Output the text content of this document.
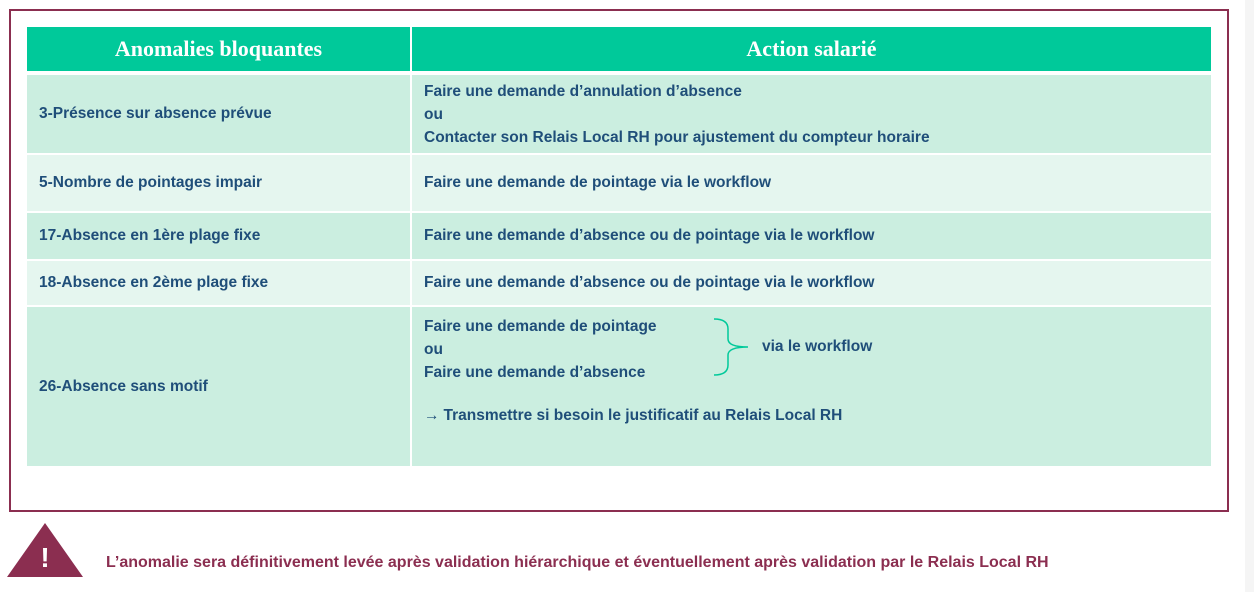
Anomalies bloquantes	Action salarié
3-Présence sur absence prévue	Faire une demande d’annulation d’absence
ou
Contacter son Relais Local RH pour ajustement du compteur horaire

5-Nombre de pointages impair	Faire une demande de pointage via le workflow
17-Absence en 1ère plage fixe	Faire une demande d’absence ou de pointage via le workflow
18-Absence en 2ème plage fixe	Faire une demande d’absence ou de pointage via le workflow
26-Absence sans motif	Faire une demande de pointage
ou
Faire une demande d’absence
via le workflow
→ Transmettre si besoin le justificatif au Relais Local RH
!	L’anomalie sera définitivement levée après validation hiérarchique et éventuellement après validation par le Relais Local RH
